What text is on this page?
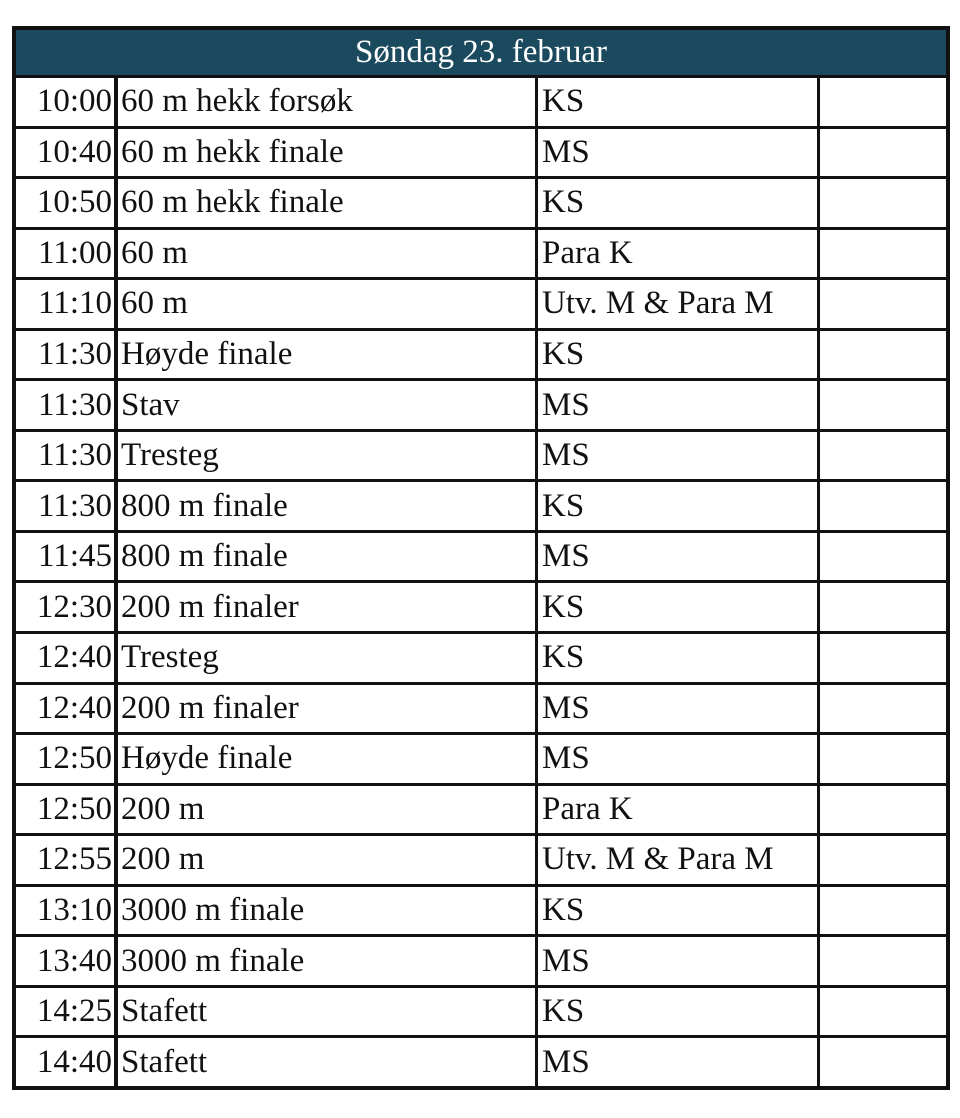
Søndag 23. februar
10:00 60 m hekk forsøk	KS
10:40 60 m hekk finale	MS
10:50 60 m hekk finale	KS
11:00 60 m	Para K
11:10 60 m	Utv. M & Para M
11:30 Høyde finale	KS
11:30 Stav	MS
11:30 Tresteg	MS
11:30 800 m finale	KS
11:45 800 m finale	MS
12:30 200 m finaler	KS
12:40 Tresteg	KS
12:40 200 m finaler	MS
12:50 Høyde finale	MS
12:50 200 m	Para K
12:55 200 m	Utv. M & Para M
13:10 3000 m finale	KS
13:40 3000 m finale	MS
14:25 Stafett	KS
14:40 Stafett	MS
